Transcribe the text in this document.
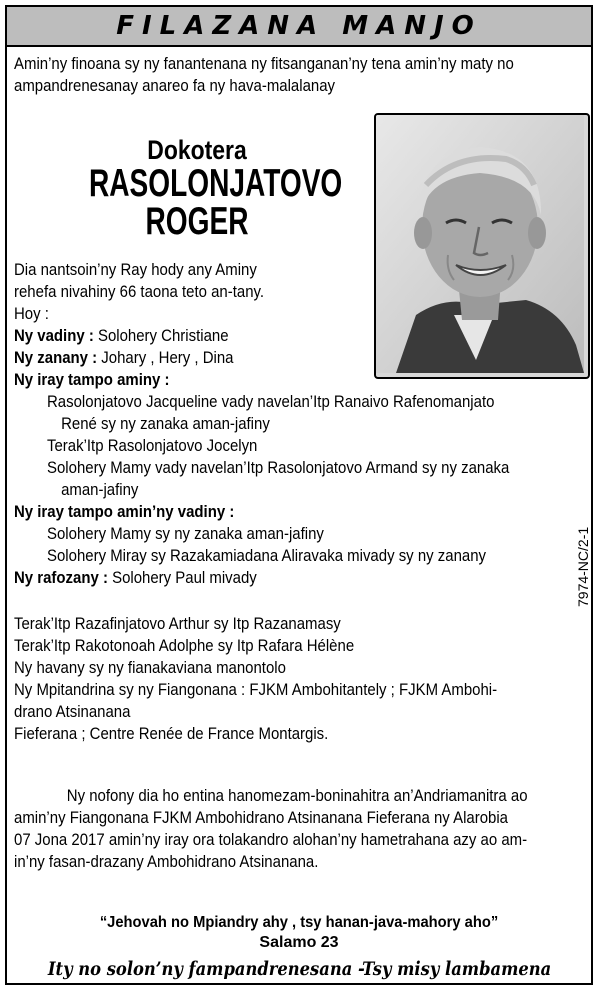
FILAZANA MANJO
Amin’ny finoana sy ny fanantenana ny fitsanganan’ny tena amin’ny maty no
ampandrenesanay anareo fa ny hava-malalanay
Dokotera
RASOLONJATOVO
ROGER
Dia nantsoin’ny Ray hody any Aminy
rehefa nivahiny 66 taona teto an-tany.
Hoy :
Ny vadiny : Solohery Christiane
Ny zanany : Johary , Hery , Dina
Ny iray tampo aminy :
Rasolonjatovo Jacqueline vady navelan’Itp Ranaivo Rafenomanjato
René sy ny zanaka aman-jafiny
Terak’Itp Rasolonjatovo Jocelyn
Solohery Mamy vady navelan’Itp Rasolonjatovo Armand sy ny zanaka
aman-jafiny
Ny iray tampo amin’ny vadiny :
Solohery Mamy sy ny zanaka aman-jafiny
Solohery Miray sy Razakamiadana Aliravaka mivady sy ny zanany
Ny rafozany : Solohery Paul mivady	7974-NC/2-1
Terak’Itp Razafinjatovo Arthur sy Itp Razanamasy
Terak’Itp Rakotonoah Adolphe sy Itp Rafara Hélène
Ny havany sy ny fianakaviana manontolo
Ny Mpitandrina sy ny Fiangonana : FJKM Ambohitantely ; FJKM Ambohi-
drano Atsinanana
Fieferana ; Centre Renée de France Montargis.
Ny nofony dia ho entina hanomezam-boninahitra an’Andriamanitra ao
amin’ny Fiangonana FJKM Ambohidrano Atsinanana Fieferana ny Alarobia
07 Jona 2017 amin’ny iray ora tolakandro alohan’ny hametrahana azy ao am-
in’ny fasan-drazany Ambohidrano Atsinanana.
“Jehovah no Mpiandry ahy , tsy hanan-java-mahory aho”
Salamo 23
Ity no solon’ny fampandrenesana -Tsy misy lambamena
